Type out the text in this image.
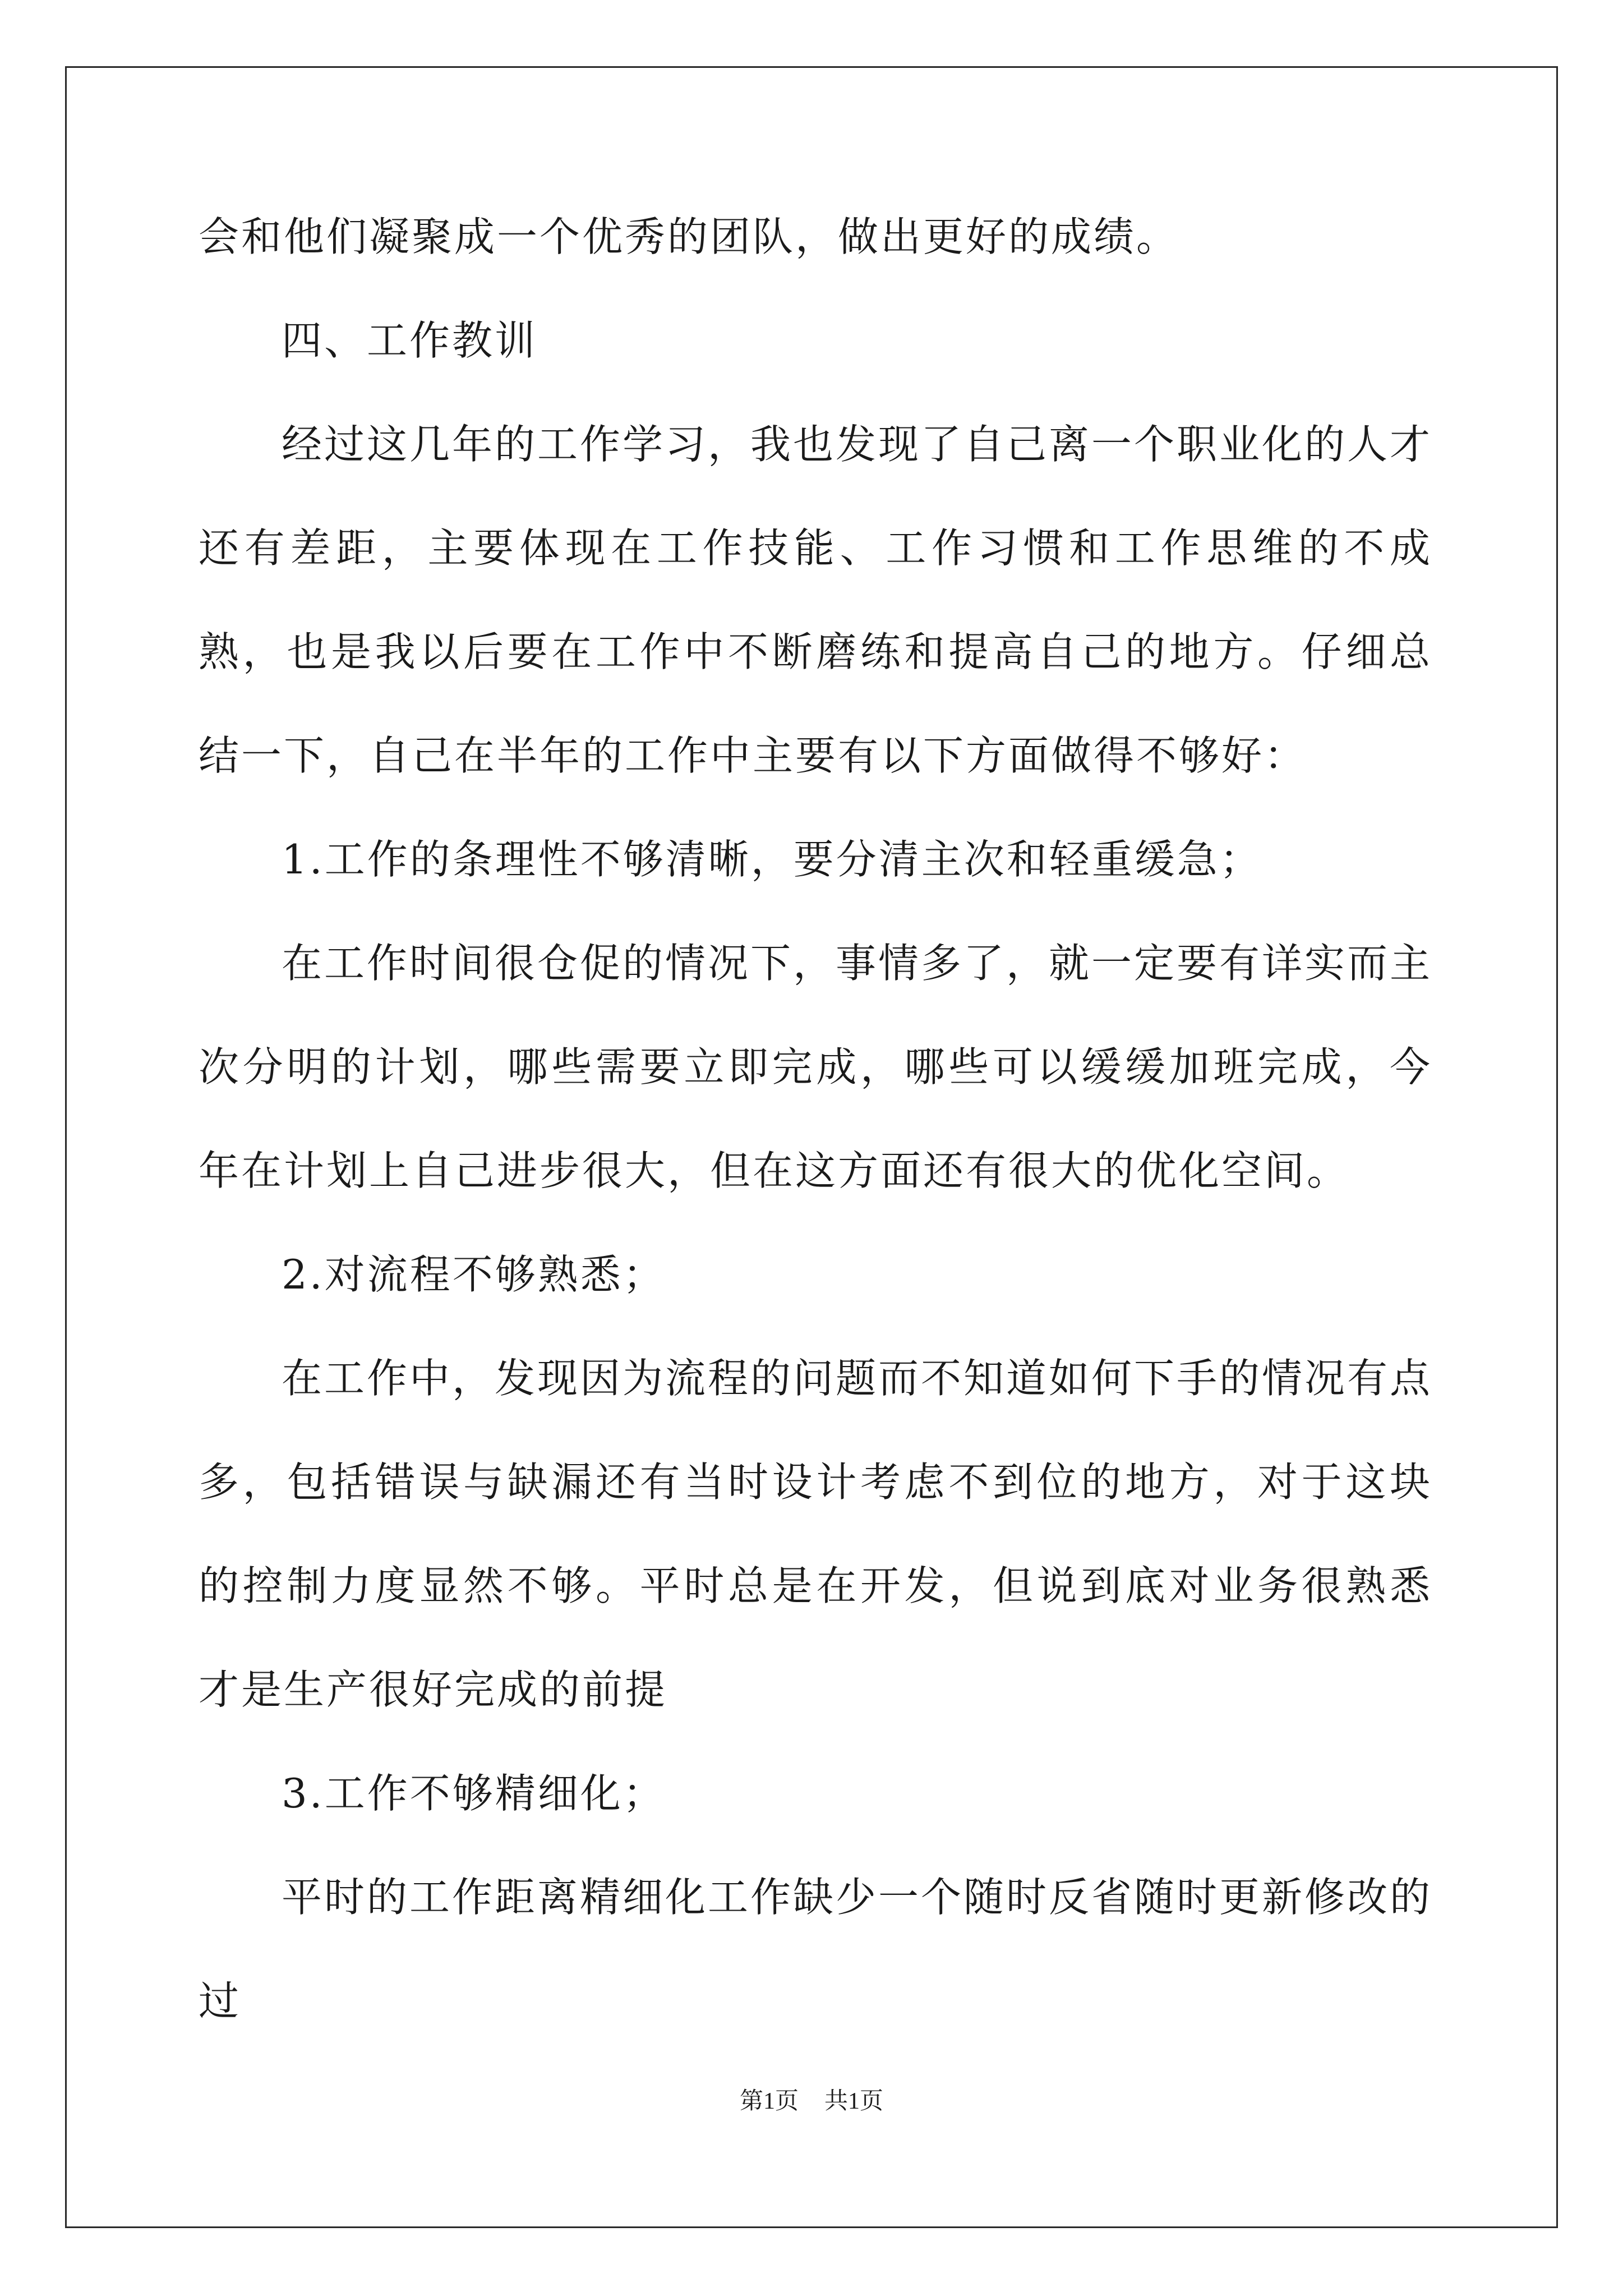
会和他们凝聚成一个优秀的团队，做出更好的成绩。

四、工作教训

经过这几年的工作学习，我也发现了自己离一个职业化的人才还有差距，主要体现在工作技能、工作习惯和工作思维的不成熟，也是我以后要在工作中不断磨练和提高自己的地方。仔细总结一下，自己在半年的工作中主要有以下方面做得不够好：

1.工作的条理性不够清晰，要分清主次和轻重缓急；

在工作时间很仓促的情况下，事情多了，就一定要有详实而主次分明的计划，哪些需要立即完成，哪些可以缓缓加班完成，今年在计划上自己进步很大，但在这方面还有很大的优化空间。

2.对流程不够熟悉；

在工作中，发现因为流程的问题而不知道如何下手的情况有点多，包括错误与缺漏还有当时设计考虑不到位的地方，对于这块的控制力度显然不够。平时总是在开发，但说到底对业务很熟悉才是生产很好完成的前提

3.工作不够精细化；

平时的工作距离精细化工作缺少一个随时反省随时更新修改的过

第1页 共1页
